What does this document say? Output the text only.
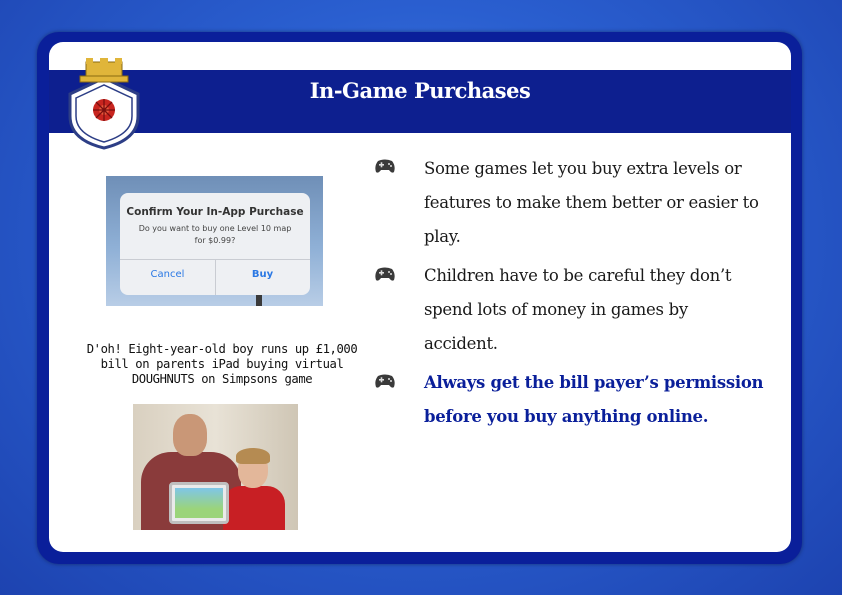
In-Game Purchases
Confirm Your In-App Purchase
Do you want to buy one Level 10 map
for $0.99?
Cancel	Buy
D'oh! Eight-year-old boy runs up £1,000
bill on parents iPad buying virtual
DOUGHNUTS on Simpsons game
Some games let you buy extra levels or
features to make them better or easier to
play.
Children have to be careful they don’t
spend lots of money in games by
accident.
Always get the bill payer’s permission
before you buy anything online.
